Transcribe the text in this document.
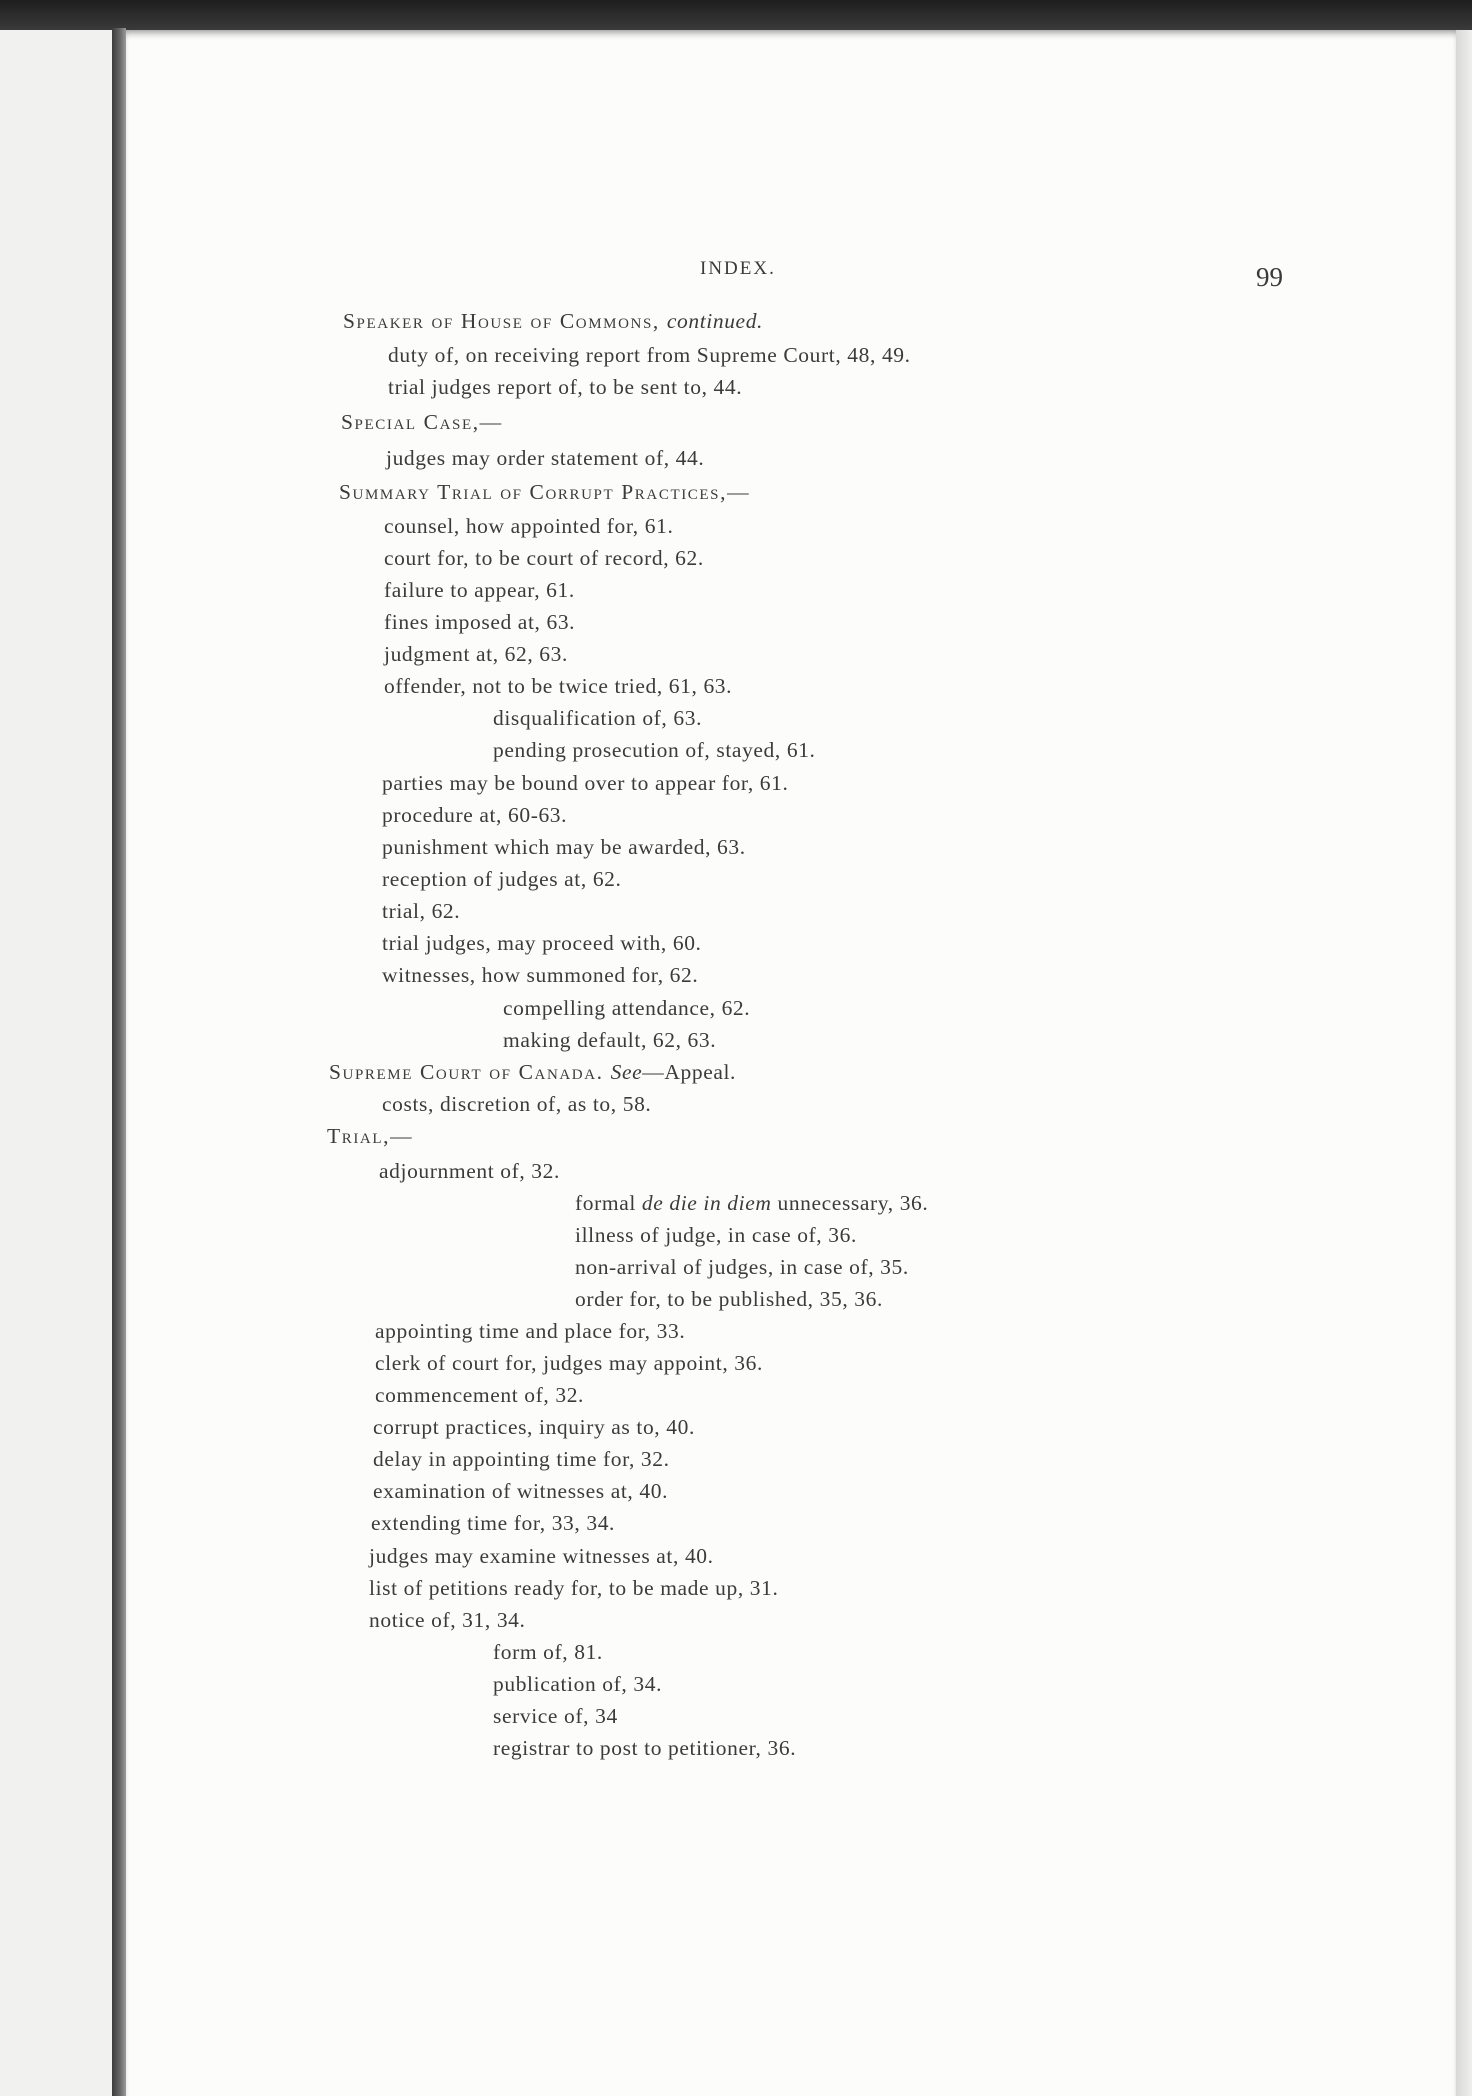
INDEX.	99
Speaker of House of Commons, continued.
duty of, on receiving report from Supreme Court, 48, 49.
trial judges report of, to be sent to, 44.
Special Case,—
judges may order statement of, 44.
Summary Trial of Corrupt Practices,—
counsel, how appointed for, 61.
court for, to be court of record, 62.
failure to appear, 61.
fines imposed at, 63.
judgment at, 62, 63.
offender, not to be twice tried, 61, 63.
disqualification of, 63.
pending prosecution of, stayed, 61.
parties may be bound over to appear for, 61.
procedure at, 60-63.
punishment which may be awarded, 63.
reception of judges at, 62.
trial, 62.
trial judges, may proceed with, 60.
witnesses, how summoned for, 62.
compelling attendance, 62.
making default, 62, 63.
Supreme Court of Canada. See—Appeal.
costs, discretion of, as to, 58.
Trial,—
adjournment of, 32.
formal de die in diem unnecessary, 36.
illness of judge, in case of, 36.
non-arrival of judges, in case of, 35.
order for, to be published, 35, 36.
appointing time and place for, 33.
clerk of court for, judges may appoint, 36.
commencement of, 32.
corrupt practices, inquiry as to, 40.
delay in appointing time for, 32.
examination of witnesses at, 40.
extending time for, 33, 34.
judges may examine witnesses at, 40.
list of petitions ready for, to be made up, 31.
notice of, 31, 34.
form of, 81.
publication of, 34.
service of, 34
registrar to post to petitioner, 36.
